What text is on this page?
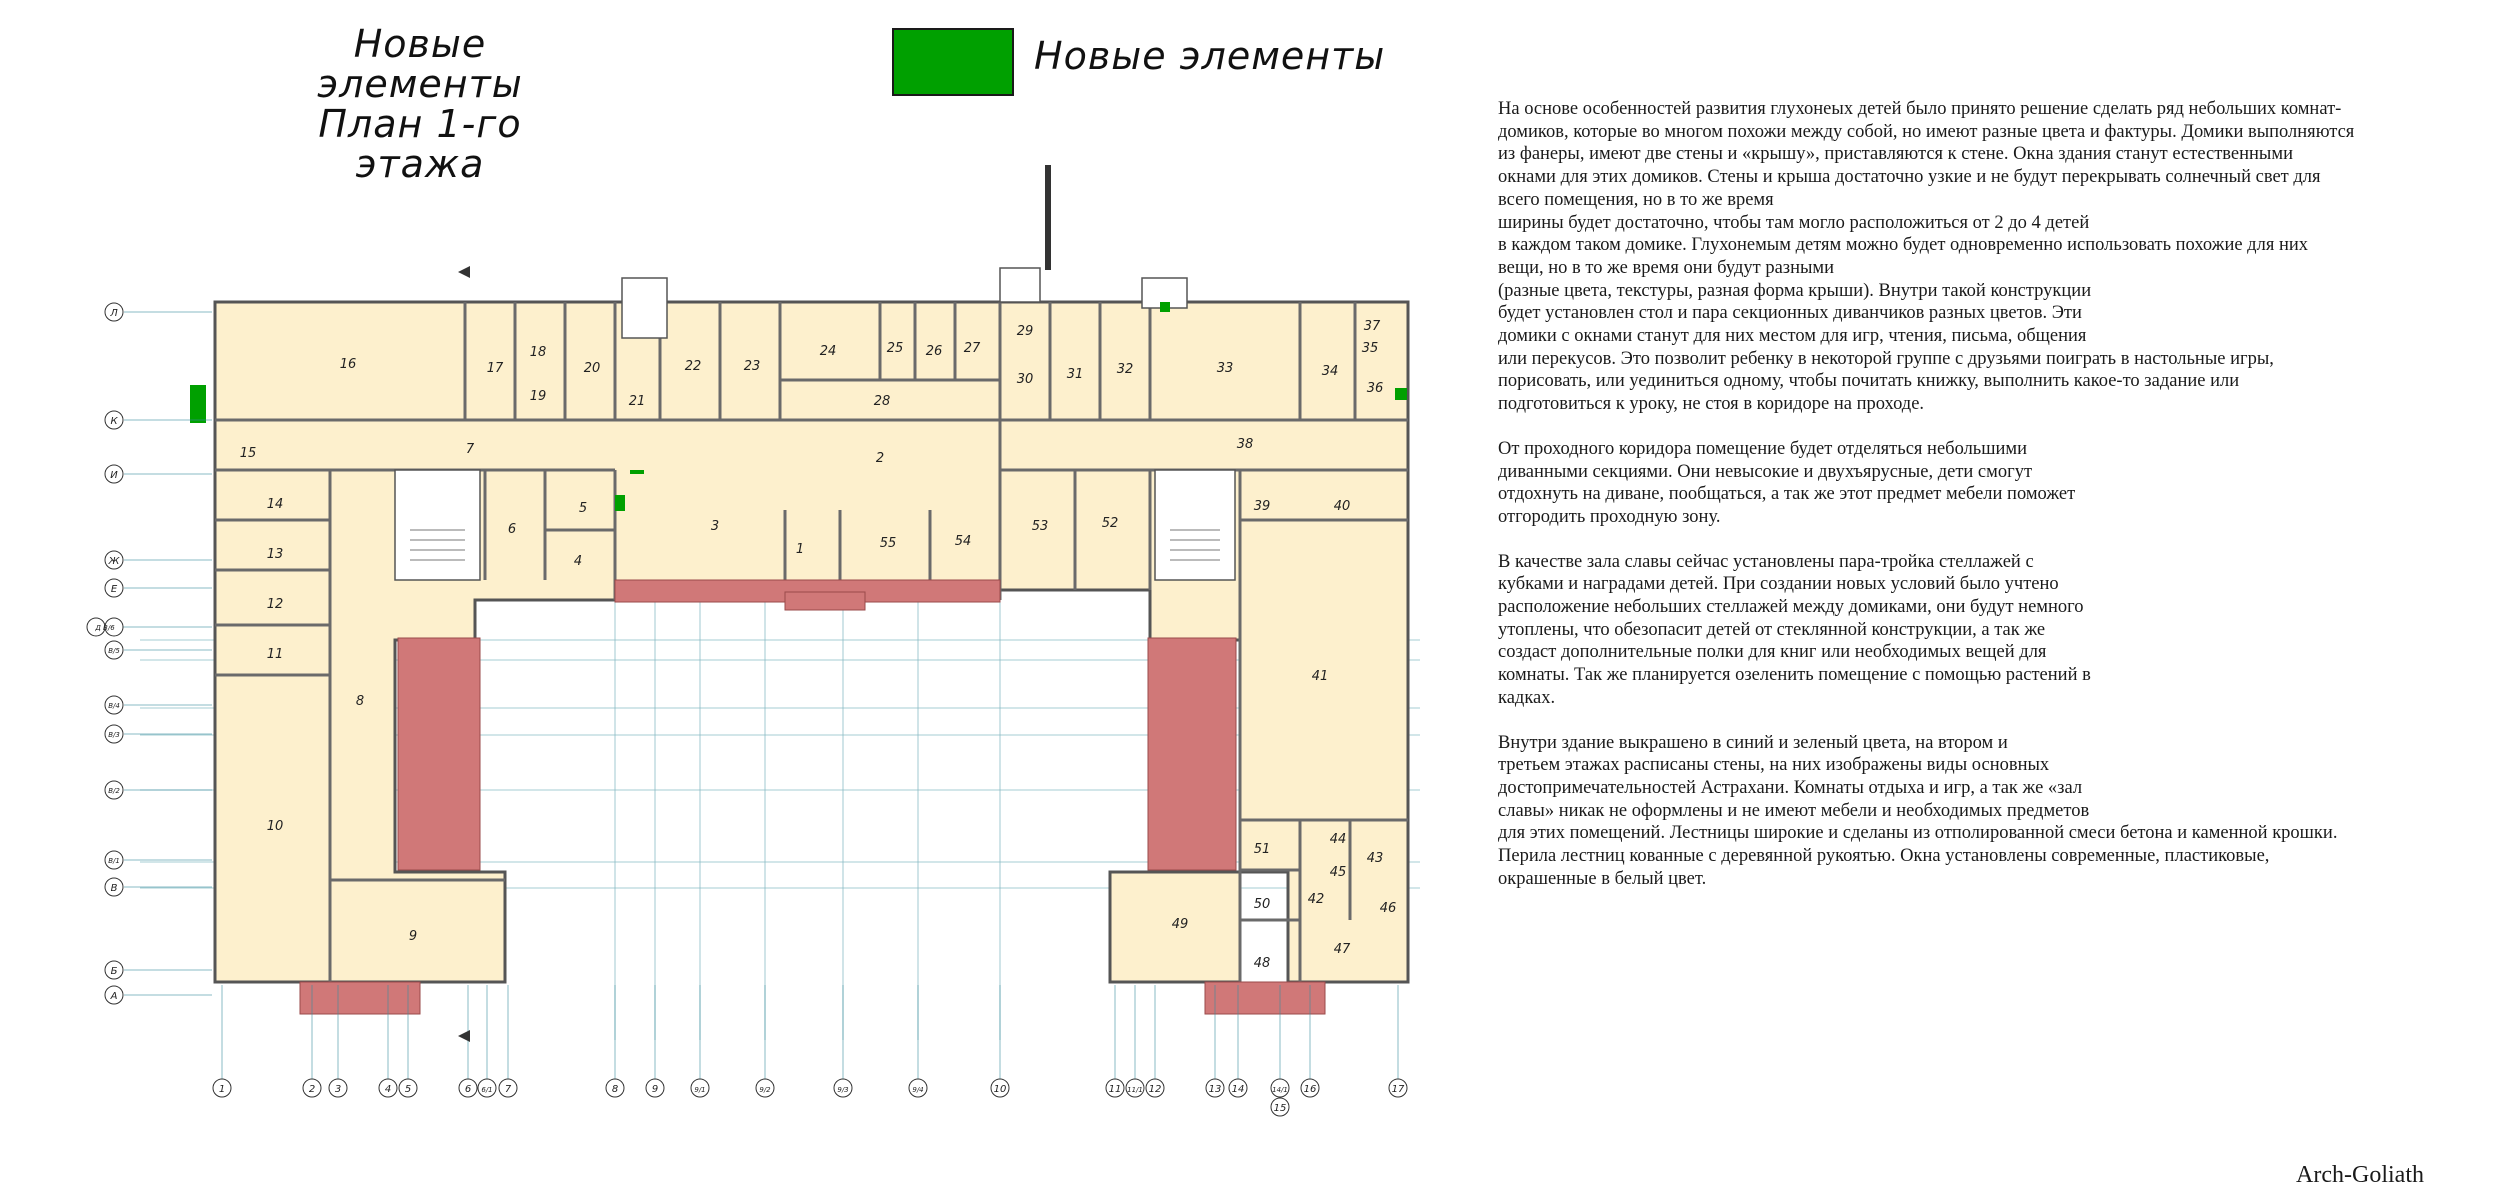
Новые элементы
План 1-го этажа
Новые элементы
1
2
3
4
5
6
7
8
9
10
11
12
13
14
15
16	17
18
19
20
21
22	23
24	25 26 27
28
29
30	31	32	33	34
35
36
37
38
39	40
41
42
43
44
45
46
47
48
49
50
51
52
53
54
55
1	2 3	4 5	6 6/1 7	8	9	9/1	9/2	9/3	9/4	10	11 11/1 12	13 14	14/1
15
16	17
Л
К
И
Ж
Е
Д В/6
В/5
В/4
В/3
В/2
В/1
В
Б
А

На основе особенностей развития глухонеых детей было принято решение сделать ряд небольших комнат-
домиков, которые во многом похожи между собой, но имеют разные цвета и фактуры. Домики выполняются
из фанеры, имеют две стены и «крышу», приставляются к стене. Окна здания станут естественными
окнами для этих домиков. Стены и крыша достаточно узкие и не будут перекрывать солнечный свет для
всего помещения, но в то же время
ширины будет достаточно, чтобы там могло расположиться от 2 до 4 детей
в каждом таком домике. Глухонемым детям можно будет одновременно использовать похожие для них
вещи, но в то же время они будут разными
(разные цвета, текстуры, разная форма крыши). Внутри такой конструкции
будет установлен стол и пара секционных диванчиков разных цветов. Эти
домики с окнами станут для них местом для игр, чтения, письма, общения
или перекусов. Это позволит ребенку в некоторой группе с друзьями поиграть в настольные игры,
порисовать, или уединиться одному, чтобы почитать книжку, выполнить какое-то задание или
подготовиться к уроку, не стоя в коридоре на проходе.

От проходного коридора помещение будет отделяться небольшими
диванными секциями. Они невысокие и двухъярусные, дети смогут
отдохнуть на диване, пообщаться, а так же этот предмет мебели поможет
отгородить проходную зону.

В качестве зала славы сейчас установлены пара-тройка стеллажей с
кубками и наградами детей. При создании новых условий было учтено
расположение небольших стеллажей между домиками, они будут немного
утоплены, что обезопасит детей от стеклянной конструкции, а так же
создаст дополнительные полки для книг или необходимых вещей для
комнаты. Так же планируется озеленить помещение с помощью растений в
кадках.

Внутри здание выкрашено в синий и зеленый цвета, на втором и
третьем этажах расписаны стены, на них изображены виды основных
достопримечательностей Астрахани. Комнаты отдыха и игр, а так же «зал
славы» никак не оформлены и не имеют мебели и необходимых предметов
для этих помещений. Лестницы широкие и сделаны из отполированной смеси бетона и каменной крошки.
Перила лестниц кованные с деревянной рукоятью. Окна установлены современные, пластиковые,
окрашенные в белый цвет.

Arch-Goliath
